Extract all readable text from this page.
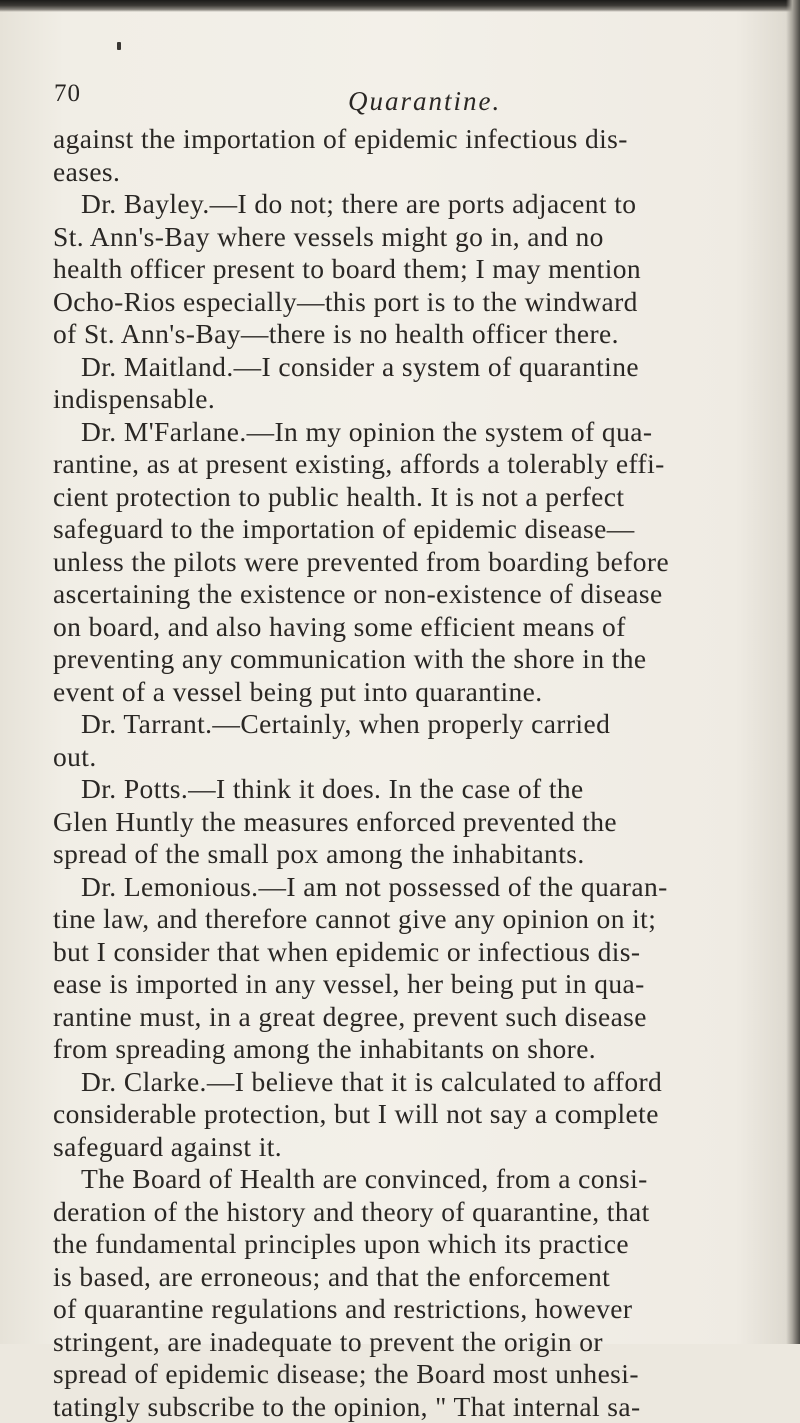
70	Quarantine.
against the importation of epidemic infectious dis-
eases.
Dr. Bayley.—I do not; there are ports adjacent to
St. Ann's-Bay where vessels might go in, and no
health officer present to board them; I may mention
Ocho-Rios especially—this port is to the windward
of St. Ann's-Bay—there is no health officer there.
Dr. Maitland.—I consider a system of quarantine
indispensable.
Dr. M'Farlane.—In my opinion the system of qua-
rantine, as at present existing, affords a tolerably effi-
cient protection to public health. It is not a perfect
safeguard to the importation of epidemic disease—
unless the pilots were prevented from boarding before
ascertaining the existence or non-existence of disease
on board, and also having some efficient means of
preventing any communication with the shore in the
event of a vessel being put into quarantine.
Dr. Tarrant.—Certainly, when properly carried
out.
Dr. Potts.—I think it does. In the case of the
Glen Huntly the measures enforced prevented the
spread of the small pox among the inhabitants.
Dr. Lemonious.—I am not possessed of the quaran-
tine law, and therefore cannot give any opinion on it;
but I consider that when epidemic or infectious dis-
ease is imported in any vessel, her being put in qua-
rantine must, in a great degree, prevent such disease
from spreading among the inhabitants on shore.
Dr. Clarke.—I believe that it is calculated to afford
considerable protection, but I will not say a complete
safeguard against it.
The Board of Health are convinced, from a consi-
deration of the history and theory of quarantine, that
the fundamental principles upon which its practice
is based, are erroneous; and that the enforcement
of quarantine regulations and restrictions, however
stringent, are inadequate to prevent the origin or
spread of epidemic disease; the Board most unhesi-
tatingly subscribe to the opinion, " That internal sa-
